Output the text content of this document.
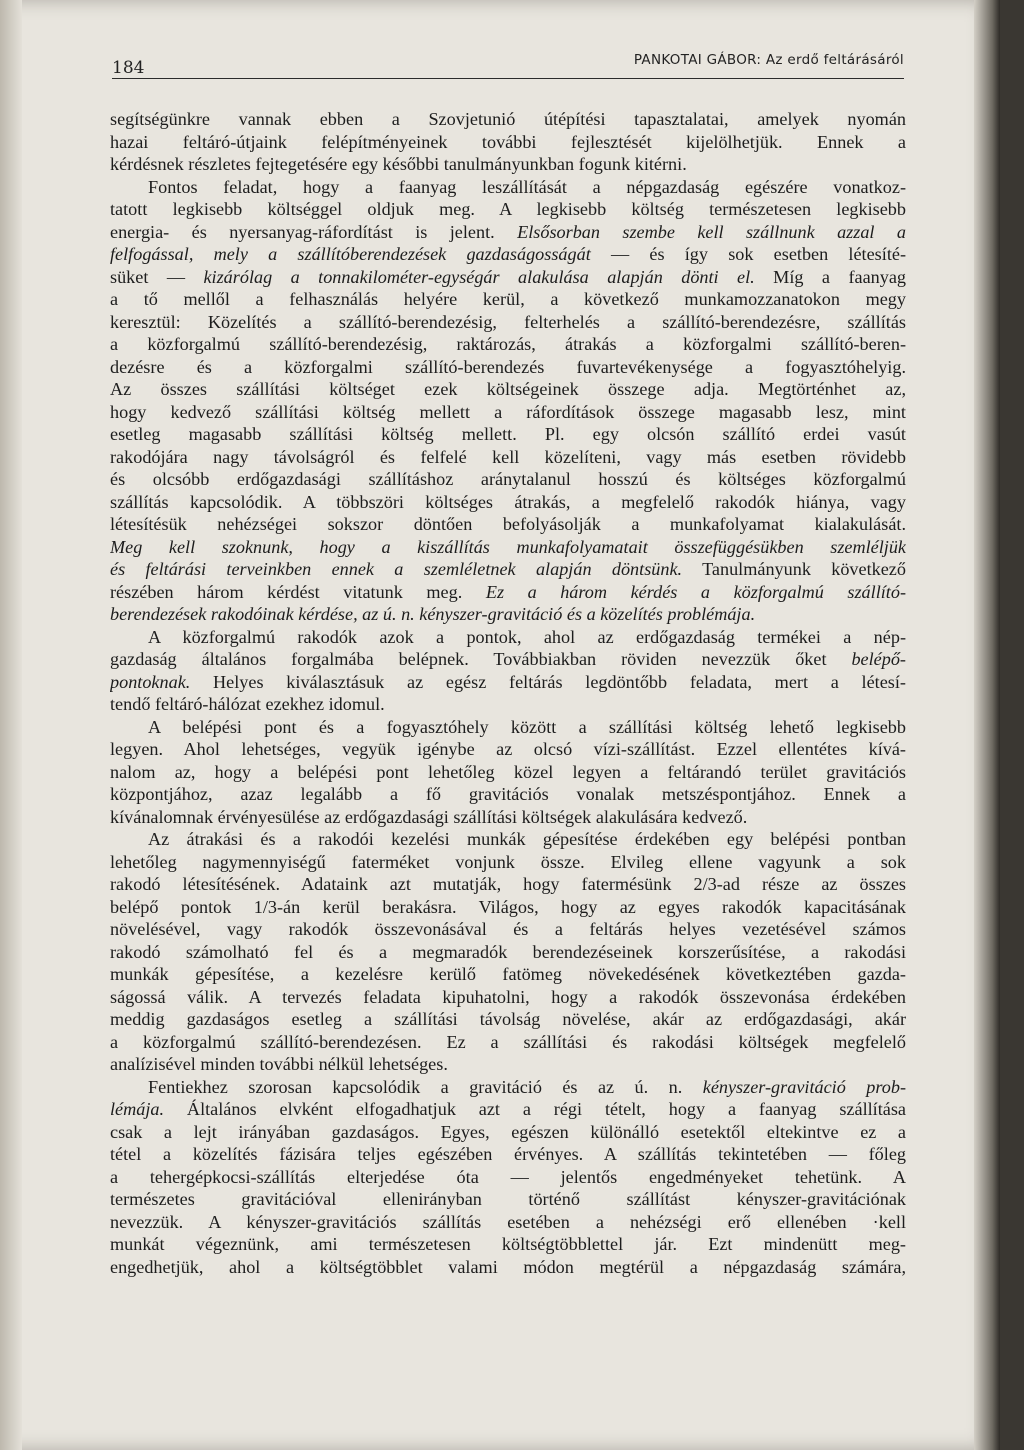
184	PANKOTAI GÁBOR: Az erdő feltárásáról
segítségünkre vannak ebben a Szovjetunió útépítési tapasztalatai, amelyek nyomán
hazai feltáró-útjaink felépítményeinek további fejlesztését kijelölhetjük. Ennek a
kérdésnek részletes fejtegetésére egy későbbi tanulmányunkban fogunk kitérni.
Fontos feladat, hogy a faanyag leszállítását a népgazdaság egészére vonatkoz-
tatott legkisebb költséggel oldjuk meg. A legkisebb költség természetesen legkisebb
energia- és nyersanyag-ráfordítást is jelent. Elsősorban szembe kell szállnunk azzal a
felfogással, mely a szállítóberendezések gazdaságosságát — és így sok esetben létesíté-
süket — kizárólag a tonnakilométer-egységár alakulása alapján dönti el. Míg a faanyag
a tő mellől a felhasználás helyére kerül, a következő munkamozzanatokon megy
keresztül: Közelítés a szállító-berendezésig, felterhelés a szállító-berendezésre, szállítás
a közforgalmú szállító-berendezésig, raktározás, átrakás a közforgalmi szállító-beren-
dezésre és a közforgalmi szállító-berendezés fuvartevékenysége a fogyasztóhelyig.
Az összes szállítási költséget ezek költségeinek összege adja. Megtörténhet az,
hogy kedvező szállítási költség mellett a ráfordítások összege magasabb lesz, mint
esetleg magasabb szállítási költség mellett. Pl. egy olcsón szállító erdei vasút
rakodójára nagy távolságról és felfelé kell közelíteni, vagy más esetben rövidebb
és olcsóbb erdőgazdasági szállításhoz aránytalanul hosszú és költséges közforgalmú
szállítás kapcsolódik. A többszöri költséges átrakás, a megfelelő rakodók hiánya, vagy
létesítésük nehézségei sokszor döntően befolyásolják a munkafolyamat kialakulását.
Meg kell szoknunk, hogy a kiszállítás munkafolyamatait összefüggésükben szemléljük
és feltárási terveinkben ennek a szemléletnek alapján döntsünk. Tanulmányunk következő
részében három kérdést vitatunk meg. Ez a három kérdés a közforgalmú szállító-
berendezések rakodóinak kérdése, az ú. n. kényszer-gravitáció és a közelítés problémája.
A közforgalmú rakodók azok a pontok, ahol az erdőgazdaság termékei a nép-
gazdaság általános forgalmába belépnek. Továbbiakban röviden nevezzük őket belépő-
pontoknak. Helyes kiválasztásuk az egész feltárás legdöntőbb feladata, mert a létesí-
tendő feltáró-hálózat ezekhez idomul.
A belépési pont és a fogyasztóhely között a szállítási költség lehető legkisebb
legyen. Ahol lehetséges, vegyük igénybe az olcsó vízi-szállítást. Ezzel ellentétes kívá-
nalom az, hogy a belépési pont lehetőleg közel legyen a feltárandó terület gravitációs
központjához, azaz legalább a fő gravitációs vonalak metszéspontjához. Ennek a
kívánalomnak érvényesülése az erdőgazdasági szállítási költségek alakulására kedvező.
Az átrakási és a rakodói kezelési munkák gépesítése érdekében egy belépési pontban
lehetőleg nagymennyiségű faterméket vonjunk össze. Elvileg ellene vagyunk a sok
rakodó létesítésének. Adataink azt mutatják, hogy fatermésünk 2/3-ad része az összes
belépő pontok 1/3-án kerül berakásra. Világos, hogy az egyes rakodók kapacitásának
növelésével, vagy rakodók összevonásával és a feltárás helyes vezetésével számos
rakodó számolható fel és a megmaradók berendezéseinek korszerűsítése, a rakodási
munkák gépesítése, a kezelésre kerülő fatömeg növekedésének következtében gazda-
ságossá válik. A tervezés feladata kipuhatolni, hogy a rakodók összevonása érdekében
meddig gazdaságos esetleg a szállítási távolság növelése, akár az erdőgazdasági, akár
a közforgalmú szállító-berendezésen. Ez a szállítási és rakodási költségek megfelelő
analízisével minden további nélkül lehetséges.
Fentiekhez szorosan kapcsolódik a gravitáció és az ú. n. kényszer-gravitáció prob-
lémája. Általános elvként elfogadhatjuk azt a régi tételt, hogy a faanyag szállítása
csak a lejt irányában gazdaságos. Egyes, egészen különálló esetektől eltekintve ez a
tétel a közelítés fázisára teljes egészében érvényes. A szállítás tekintetében — főleg
a tehergépkocsi-szállítás elterjedése óta — jelentős engedményeket tehetünk. A
természetes gravitációval ellenirányban történő szállítást kényszer-gravitációnak
nevezzük. A kényszer-gravitációs szállítás esetében a nehézségi erő ellenében ·kell
munkát végeznünk, ami természetesen költségtöbblettel jár. Ezt mindenütt meg-
engedhetjük, ahol a költségtöbblet valami módon megtérül a népgazdaság számára,
